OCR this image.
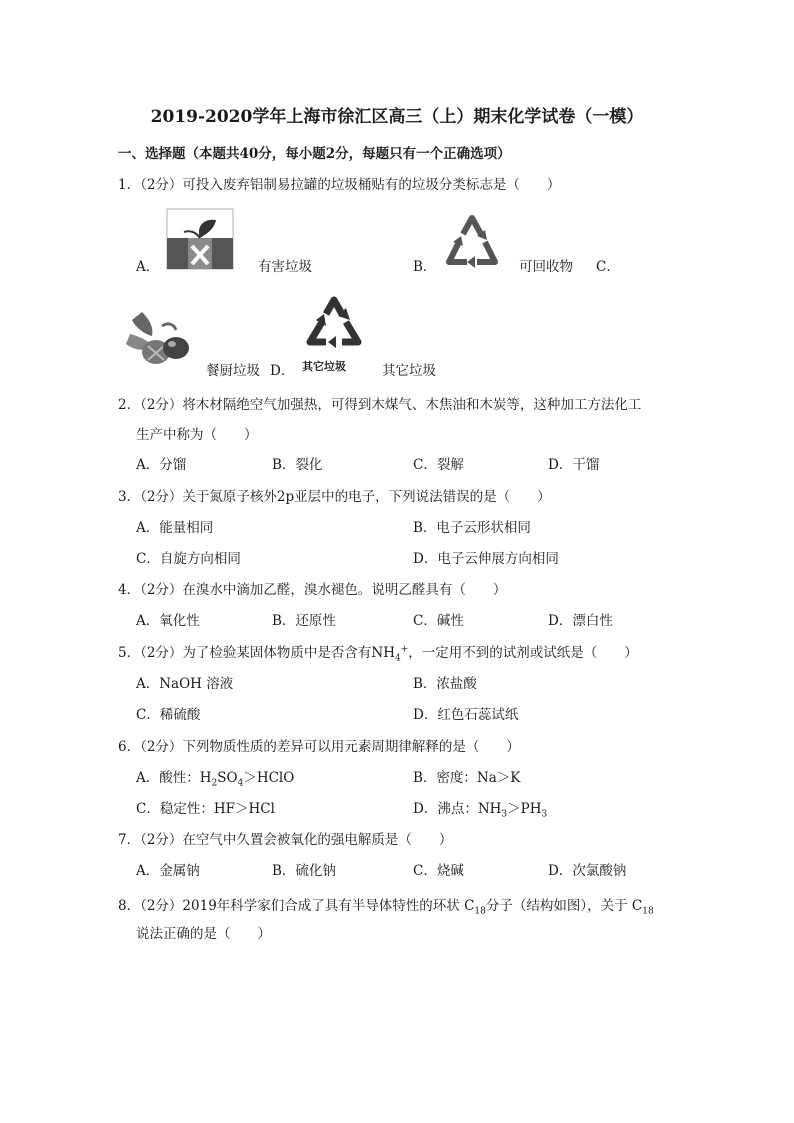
2019-2020学年上海市徐汇区高三（上）期末化学试卷（一模）
一、选择题（本题共40分，每小题2分，每题只有一个正确选项）
1．（2分）可投入废弃铝制易拉罐的垃圾桶贴有的垃圾分类标志是（　　）
A．	有害垃圾	B．	可回收物 C．
餐厨垃圾 D． 其它垃圾	其它垃圾
2．（2分）将木材隔绝空气加强热，可得到木煤气、木焦油和木炭等，这种加工方法化工
生产中称为（　　）
A．分馏	B．裂化	C．裂解	D．干馏
3．（2分）关于氮原子核外2p亚层中的电子，下列说法错误的是（　　）
A．能量相同	B．电子云形状相同
C．自旋方向相同	D．电子云伸展方向相同
4．（2分）在溴水中滴加乙醛，溴水褪色。说明乙醛具有（　　）
A．氧化性	B．还原性	C．碱性	D．漂白性
5．（2分）为了检验某固体物质中是否含有$NH_4^+$，一定用不到的试剂或试纸是（　　）
A．NaOH 溶液	B．浓盐酸
C．稀硫酸	D．红色石蕊试纸
6．（2分）下列物质性质的差异可以用元素周期律解释的是（　　）
A．酸性：$H_2SO_4>HClO$	B．密度：Na＞K
C．稳定性：HF＞HCl	D．沸点：$NH_3>PH_3$
7．（2分）在空气中久置会被氧化的强电解质是（　　）
A．金属钠	B．硫化钠	C．烧碱	D．次氯酸钠
8．（2分）2019年科学家们合成了具有半导体特性的环状 $C_{18}$分子（结构如图），关于 $C_{18}$
说法正确的是（　　）
